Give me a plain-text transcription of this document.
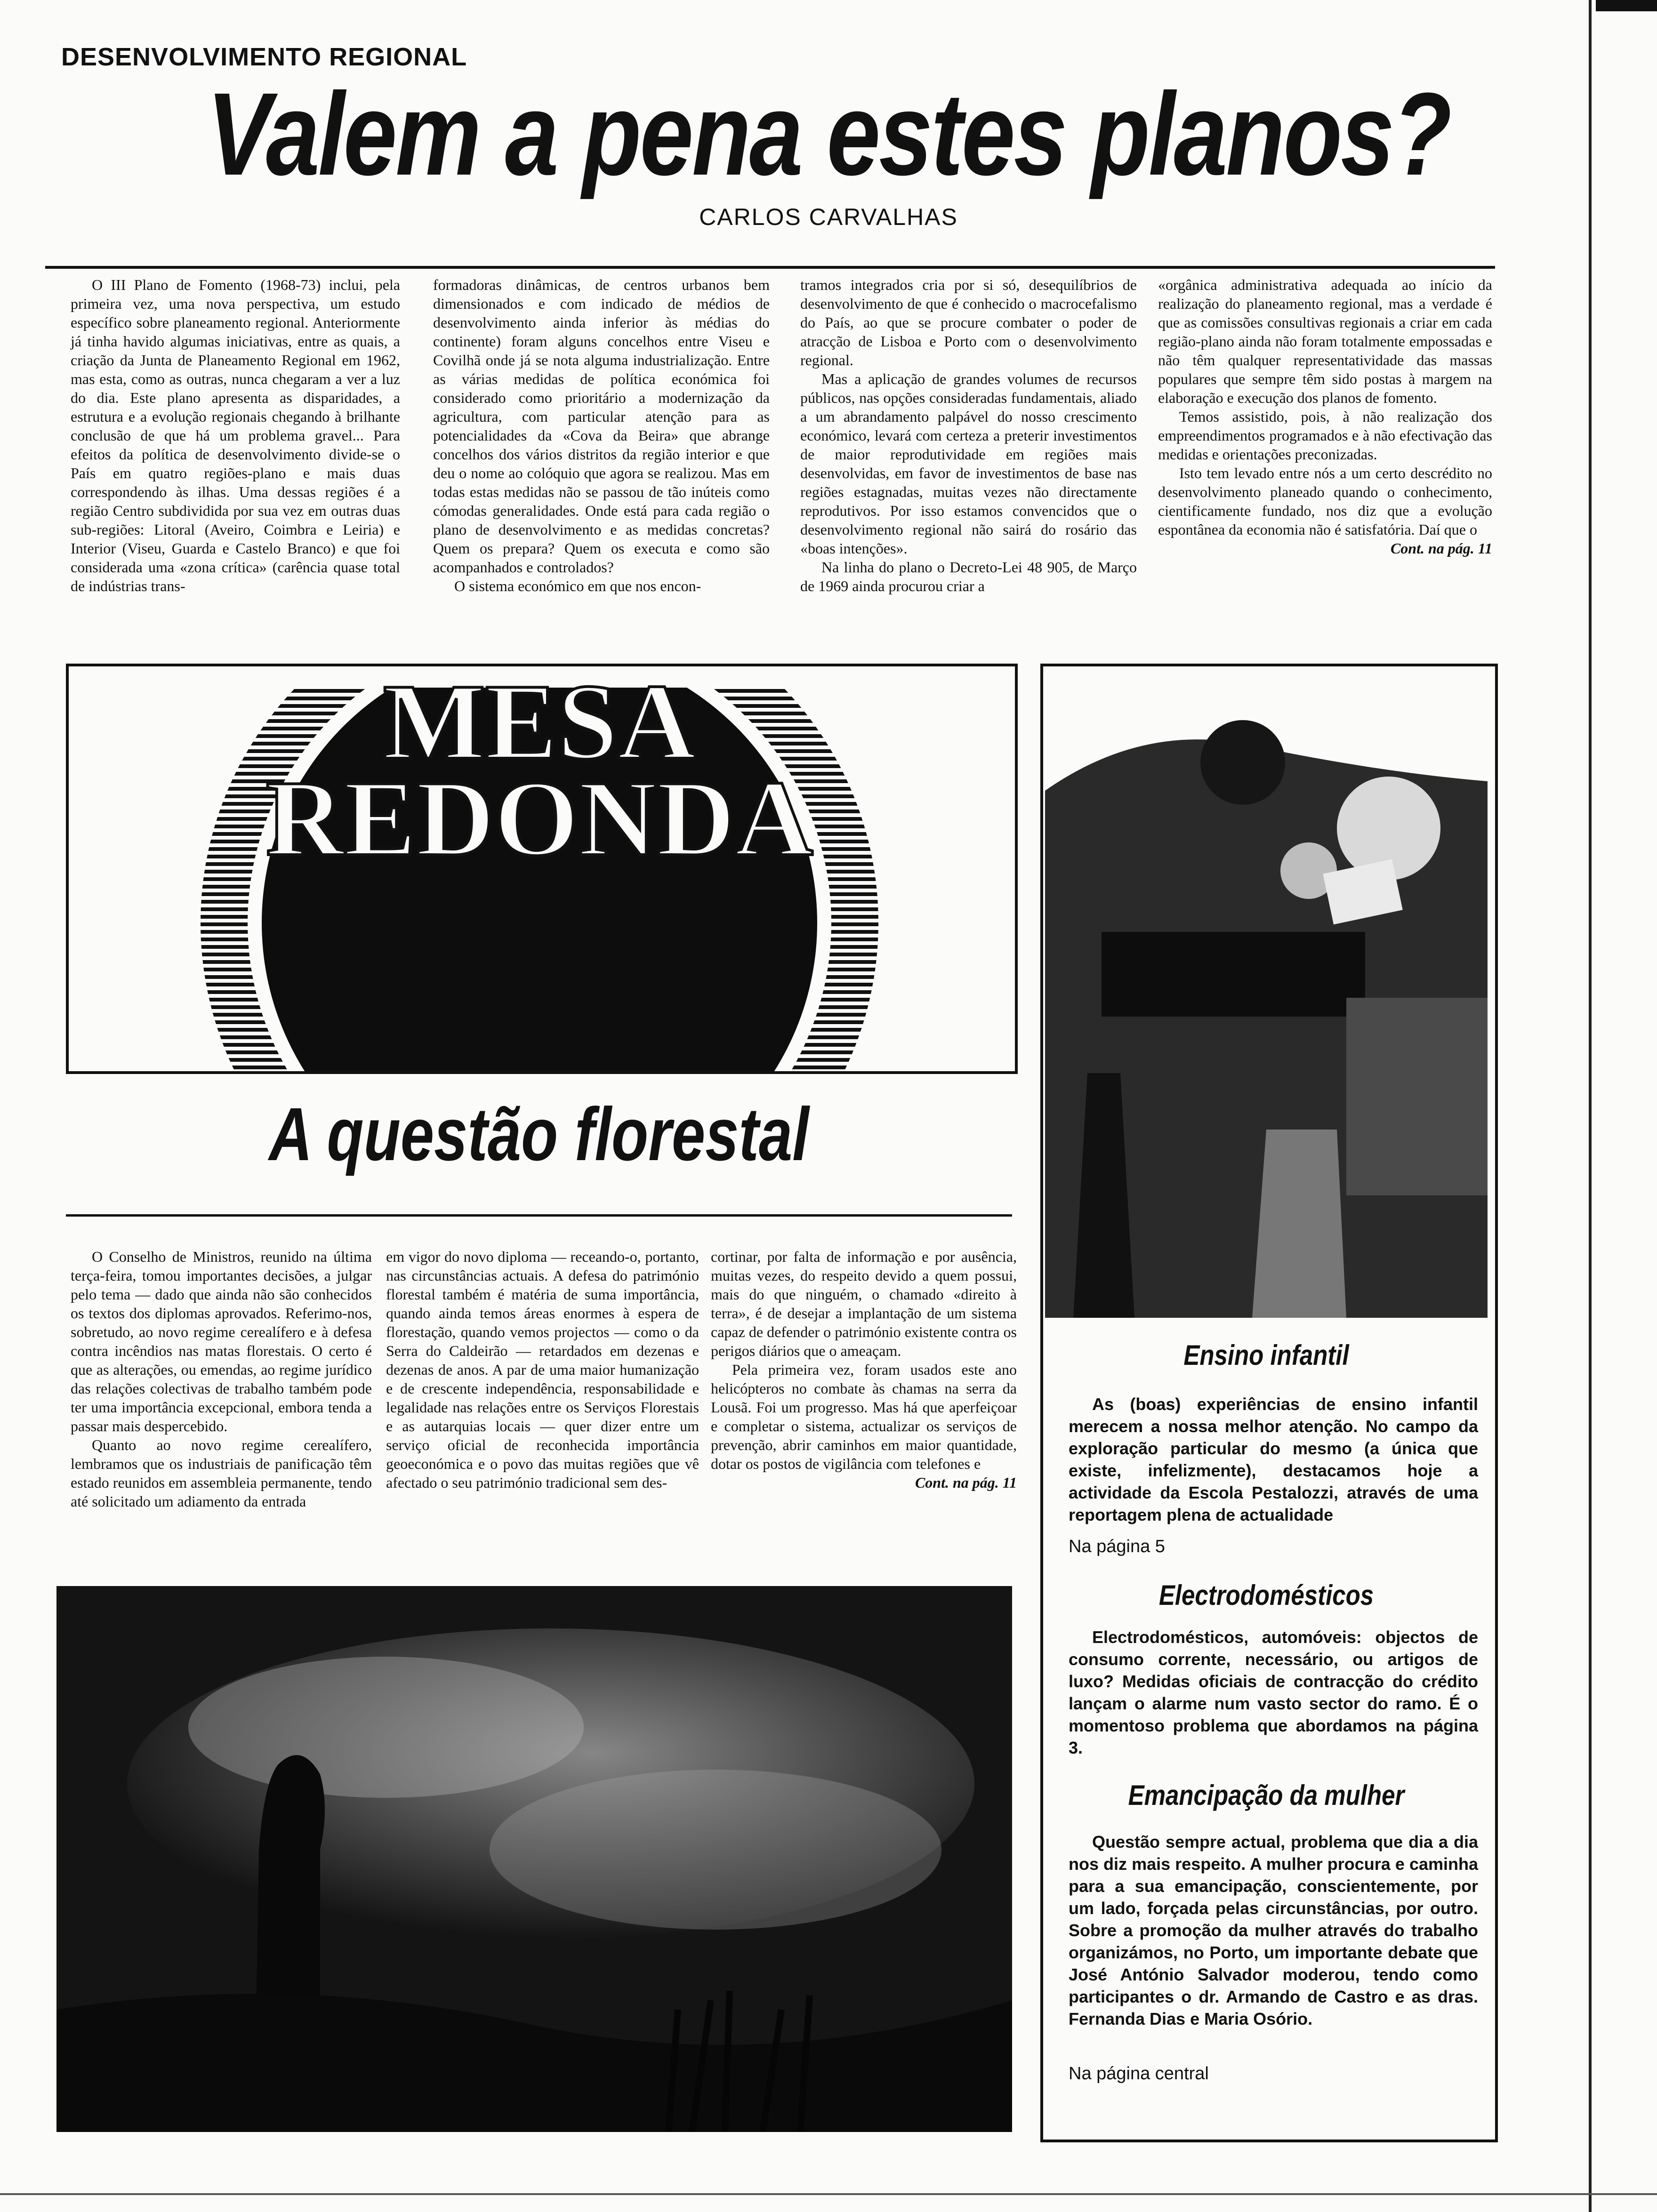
DESENVOLVIMENTO REGIONAL
Valem a pena estes planos?
CARLOS CARVALHAS

O III Plano de Fomento (1968-73) inclui, pela primeira vez, uma nova perspectiva, um estudo específico sobre planeamento regional. Anteriormente já tinha havido algumas iniciativas, entre as quais, a criação da Junta de Planeamento Regional em 1962, mas esta, como as outras, nunca chegaram a ver a luz do dia. Este plano apresenta as disparidades, a estrutura e a evolução regionais chegando à brilhante conclusão de que há um problema gravel... Para efeitos da política de desenvolvimento divide-se o País em quatro regiões-plano e mais duas correspondendo às ilhas. Uma dessas regiões é a região Centro subdividida por sua vez em outras duas sub-regiões: Litoral (Aveiro, Coimbra e Leiria) e Interior (Viseu, Guarda e Castelo Branco) e que foi considerada uma «zona crítica» (carência quase total de indústrias trans-

formadoras dinâmicas, de centros urbanos bem dimensionados e com indicado de médios de desenvolvimento ainda inferior às médias do continente) foram alguns concelhos entre Viseu e Covilhã onde já se nota alguma industrialização. Entre as várias medidas de política económica foi considerado como prioritário a modernização da agricultura, com particular atenção para as potencialidades da «Cova da Beira» que abrange concelhos dos vários distritos da região interior e que deu o nome ao colóquio que agora se realizou. Mas em todas estas medidas não se passou de tão inúteis como cómodas generalidades. Onde está para cada região o plano de desenvolvimento e as medidas concretas? Quem os prepara? Quem os executa e como são acompanhados e controlados?

O sistema económico em que nos encon-

tramos integrados cria por si só, desequilíbrios de desenvolvimento de que é conhecido o macrocefalismo do País, ao que se procure combater o poder de atracção de Lisboa e Porto com o desenvolvimento regional.

Mas a aplicação de grandes volumes de recursos públicos, nas opções consideradas fundamentais, aliado a um abrandamento palpável do nosso crescimento económico, levará com certeza a preterir investimentos de maior reprodutividade em regiões mais desenvolvidas, em favor de investimentos de base nas regiões estagnadas, muitas vezes não directamente reprodutivos. Por isso estamos convencidos que o desenvolvimento regional não sairá do rosário das «boas intenções».

Na linha do plano o Decreto-Lei 48 905, de Março de 1969 ainda procurou criar a

«orgânica administrativa adequada ao início da realização do planeamento regional, mas a verdade é que as comissões consultivas regionais a criar em cada região-plano ainda não foram totalmente empossadas e não têm qualquer representatividade das massas populares que sempre têm sido postas à margem na elaboração e execução dos planos de fomento.

Temos assistido, pois, à não realização dos empreendimentos programados e à não efectivação das medidas e orientações preconizadas.

Isto tem levado entre nós a um certo descrédito no desenvolvimento planeado quando o conhecimento, cientificamente fundado, nos diz que a evolução espontânea da economia não é satisfatória. Daí que o

Cont. na pág. 11
MESA
REDONDA
A questão florestal

O Conselho de Ministros, reunido na última terça-feira, tomou importantes decisões, a julgar pelo tema — dado que ainda não são conhecidos os textos dos diplomas aprovados. Referimo-nos, sobretudo, ao novo regime cerealífero e à defesa contra incêndios nas matas florestais. O certo é que as alterações, ou emendas, ao regime jurídico das relações colectivas de trabalho também pode ter uma importância excepcional, embora tenda a passar mais despercebido.

Quanto ao novo regime cerealífero, lembramos que os industriais de panificação têm estado reunidos em assembleia permanente, tendo até solicitado um adiamento da entrada

em vigor do novo diploma — receando-o, portanto, nas circunstâncias actuais. A defesa do património florestal também é matéria de suma importância, quando ainda temos áreas enormes à espera de florestação, quando vemos projectos — como o da Serra do Caldeirão — retardados em dezenas e dezenas de anos. A par de uma maior humanização e de crescente independência, responsabilidade e legalidade nas relações entre os Serviços Florestais e as autarquias locais — quer dizer entre um serviço oficial de reconhecida importância geoeconómica e o povo das muitas regiões que vê afectado o seu património tradicional sem des-

cortinar, por falta de informação e por ausência, muitas vezes, do respeito devido a quem possui, mais do que ninguém, o chamado «direito à terra», é de desejar a implantação de um sistema capaz de defender o património existente contra os perigos diários que o ameaçam.

Pela primeira vez, foram usados este ano helicópteros no combate às chamas na serra da Lousã. Foi um progresso. Mas há que aperfeiçoar e completar o sistema, actualizar os serviços de prevenção, abrir caminhos em maior quantidade, dotar os postos de vigilância com telefones e

Cont. na pág. 11
Ensino infantil

As (boas) experiências de ensino infantil merecem a nossa melhor atenção. No campo da exploração particular do mesmo (a única que existe, infelizmente), destacamos hoje a actividade da Escola Pestalozzi, através de uma reportagem plena de actualidade

Na página 5
Electrodomésticos

Electrodomésticos, automóveis: objectos de consumo corrente, necessário, ou artigos de luxo? Medidas oficiais de contracção do crédito lançam o alarme num vasto sector do ramo. É o momentoso problema que abordamos na página 3.

Emancipação da mulher

Questão sempre actual, problema que dia a dia nos diz mais respeito. A mulher procura e caminha para a sua emancipação, conscientemente, por um lado, forçada pelas circunstâncias, por outro. Sobre a promoção da mulher através do trabalho organizámos, no Porto, um importante debate que José António Salvador moderou, tendo como participantes o dr. Armando de Castro e as dras. Fernanda Dias e Maria Osório.

Na página central
